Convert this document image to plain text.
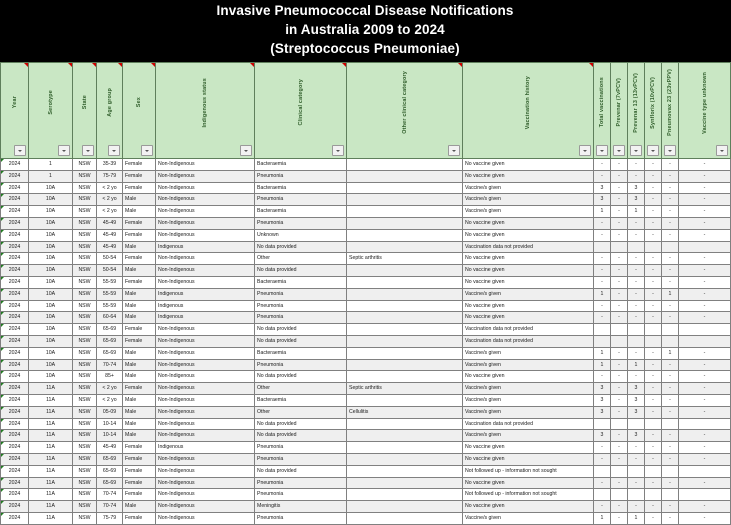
Invasive Pneumococcal Disease Notifications
in Australia 2009 to 2024
(Streptococcus Pneumoniae)
Year	Serotype	State	Age group	Sex	Indigenous status	Clinical category	Other clinical category	Vaccination history	Total vaccinations	Prevenar (7vPCV)	Prevenar 13 (13vPCV)	Synflorix (10vPCV)	Pneumovax 23 (23vPPV)	Vaccine type unknown

2024	1	NSW	35-39	Female	Non-Indigenous	Bacteraemia		No vaccine given	-	-	-	-	-	-
2024	1	NSW	75-79	Female	Non-Indigenous	Pneumonia		No vaccine given	-	-	-	-	-	-
2024	10A	NSW	< 2 yo	Female	Non-Indigenous	Bacteraemia		Vaccine/s given	3	-	3	-	-	-
2024	10A	NSW	< 2 yo	Male	Non-Indigenous	Pneumonia		Vaccine/s given	3	-	3	-	-	-
2024	10A	NSW	< 2 yo	Male	Non-Indigenous	Bacteraemia		Vaccine/s given	1	-	1	-	-	-
2024	10A	NSW	45-49	Female	Non-Indigenous	Pneumonia		No vaccine given	-	-	-	-	-	-
2024	10A	NSW	45-49	Female	Non-Indigenous	Unknown		No vaccine given	-	-	-	-	-	-
2024	10A	NSW	45-49	Male	Indigenous	No data provided		Vaccination data not provided						
2024	10A	NSW	50-54	Female	Non-Indigenous	Other	Septic arthritis	No vaccine given	-	-	-	-	-	-
2024	10A	NSW	50-54	Male	Non-Indigenous	No data provided		No vaccine given	-	-	-	-	-	-
2024	10A	NSW	55-59	Female	Non-Indigenous	Bacteraemia		No vaccine given	-	-	-	-	-	-
2024	10A	NSW	55-59	Male	Indigenous	Pneumonia		Vaccine/s given	1	-	-	-	1	-
2024	10A	NSW	55-59	Male	Indigenous	Pneumonia		No vaccine given	-	-	-	-	-	-
2024	10A	NSW	60-64	Male	Indigenous	Pneumonia		No vaccine given	-	-	-	-	-	-
2024	10A	NSW	65-69	Female	Non-Indigenous	No data provided		Vaccination data not provided						
2024	10A	NSW	65-69	Female	Non-Indigenous	No data provided		Vaccination data not provided						
2024	10A	NSW	65-69	Male	Non-Indigenous	Bacteraemia		Vaccine/s given	1	-	-	-	1	-
2024	10A	NSW	70-74	Male	Non-Indigenous	Pneumonia		Vaccine/s given	1	-	1	-	-	-
2024	10A	NSW	85+	Male	Non-Indigenous	No data provided		No vaccine given	-	-	-	-	-	-
2024	11A	NSW	< 2 yo	Female	Non-Indigenous	Other	Septic arthritis	Vaccine/s given	3	-	3	-	-	-
2024	11A	NSW	< 2 yo	Male	Non-Indigenous	Bacteraemia		Vaccine/s given	3	-	3	-	-	-
2024	11A	NSW	05-09	Male	Non-Indigenous	Other	Cellulitis	Vaccine/s given	3	-	3	-	-	-
2024	11A	NSW	10-14	Male	Non-Indigenous	No data provided		Vaccination data not provided						
2024	11A	NSW	10-14	Male	Non-Indigenous	No data provided		Vaccine/s given	3	-	3	-	-	-
2024	11A	NSW	45-49	Female	Indigenous	Pneumonia		No vaccine given	-	-	-	-	-	-
2024	11A	NSW	65-69	Female	Non-Indigenous	Pneumonia		No vaccine given	-	-	-	-	-	-
2024	11A	NSW	65-69	Female	Non-Indigenous	No data provided		Not followed up - information not sought						
2024	11A	NSW	65-69	Female	Non-Indigenous	Pneumonia		No vaccine given	-	-	-	-	-	-
2024	11A	NSW	70-74	Female	Non-Indigenous	Pneumonia		Not followed up - information not sought						
2024	11A	NSW	70-74	Male	Non-Indigenous	Meningitis		No vaccine given	-	-	-	-	-	-
2024	11A	NSW	75-79	Female	Non-Indigenous	Pneumonia		Vaccine/s given	1	-	1	-	-	-
